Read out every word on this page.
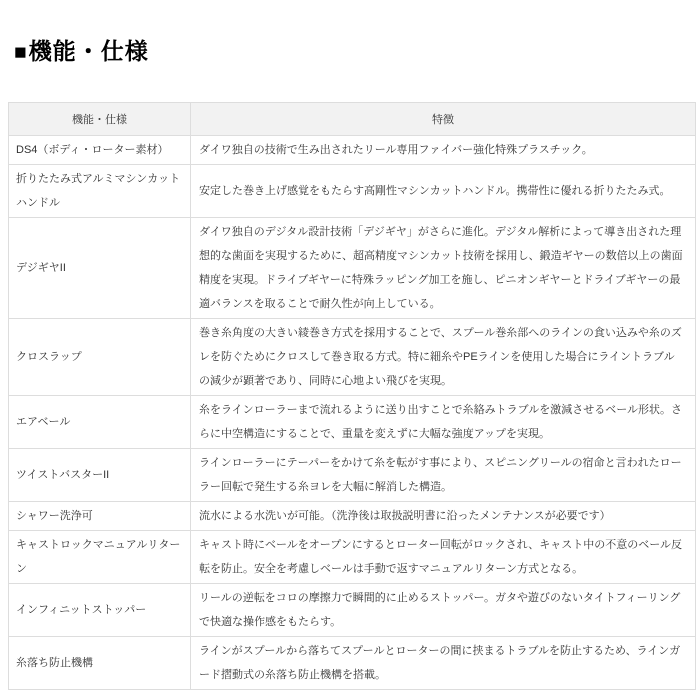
■機能・仕様
機能・仕様	特徴
DS4（ボディ・ローター素材）	ダイワ独自の技術で生み出されたリール専用ファイバー強化特殊プラスチック。
折りたたみ式アルミマシンカットハンドル	安定した巻き上げ感覚をもたらす高剛性マシンカットハンドル。携帯性に優れる折りたたみ式。
デジギヤII	ダイワ独自のデジタル設計技術「デジギヤ」がさらに進化。デジタル解析によって導き出された理想的な歯面を実現するために、超高精度マシンカット技術を採用し、鍛造ギヤーの数倍以上の歯面精度を実現。ドライブギヤーに特殊ラッピング加工を施し、ピニオンギヤーとドライブギヤーの最適バランスを取ることで耐久性が向上している。
クロスラップ	巻き糸角度の大きい綾巻き方式を採用することで、スプール巻糸部へのラインの食い込みや糸のズレを防ぐためにクロスして巻き取る方式。特に細糸やPEラインを使用した場合にライントラブルの減少が顕著であり、同時に心地よい飛びを実現。
エアベール	糸をラインローラーまで流れるように送り出すことで糸絡みトラブルを激減させるベール形状。さらに中空構造にすることで、重量を変えずに大幅な強度アップを実現。
ツイストバスターII	ラインローラーにテーパーをかけて糸を転がす事により、スピニングリールの宿命と言われたローラー回転で発生する糸ヨレを大幅に解消した構造。
シャワー洗浄可	流水による水洗いが可能。（洗浄後は取扱説明書に沿ったメンテナンスが必要です）
キャストロックマニュアルリターン	キャスト時にベールをオープンにするとローター回転がロックされ、キャスト中の不意のベール反転を防止。安全を考慮しベールは手動で返すマニュアルリターン方式となる。
インフィニットストッパー	リールの逆転をコロの摩擦力で瞬間的に止めるストッパー。ガタや遊びのないタイトフィーリングで快適な操作感をもたらす。
糸落ち防止機構	ラインがスプールから落ちてスプールとローターの間に挟まるトラブルを防止するため、ラインガード摺動式の糸落ち防止機構を搭載。
